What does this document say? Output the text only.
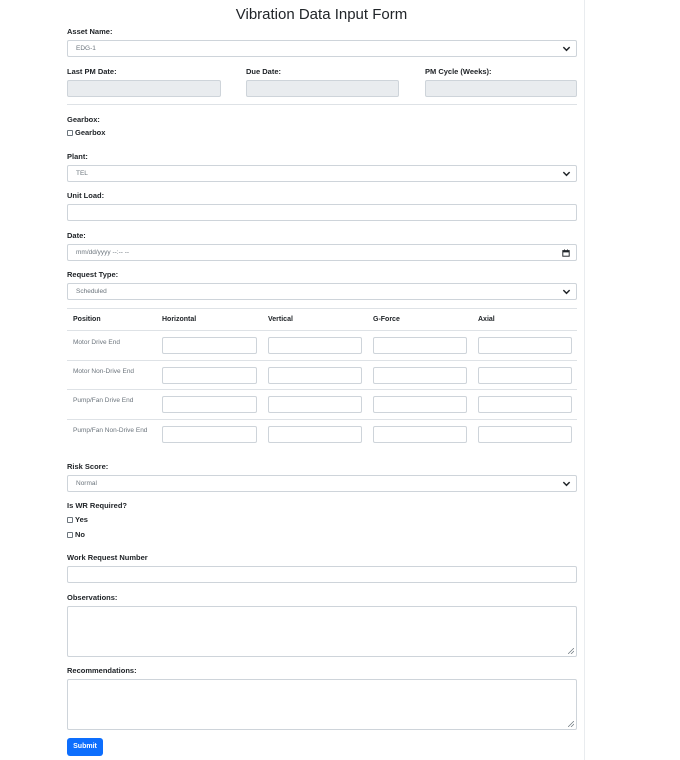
Vibration Data Input Form
Asset Name:
EDG-1
Last PM Date:	Due Date:	PM Cycle (Weeks):
Gearbox:
Gearbox
Plant:
TEL
Unit Load:
Date:
mm/dd/yyyy --:-- --
Request Type:
Scheduled
Position	Horizontal	Vertical	G-Force	Axial
Motor Drive End
Motor Non-Drive End
Pump/Fan Drive End
Pump/Fan Non-Drive End
Risk Score:
Normal
Is WR Required?
Yes
No
Work Request Number
Observations:
Recommendations:
Submit
